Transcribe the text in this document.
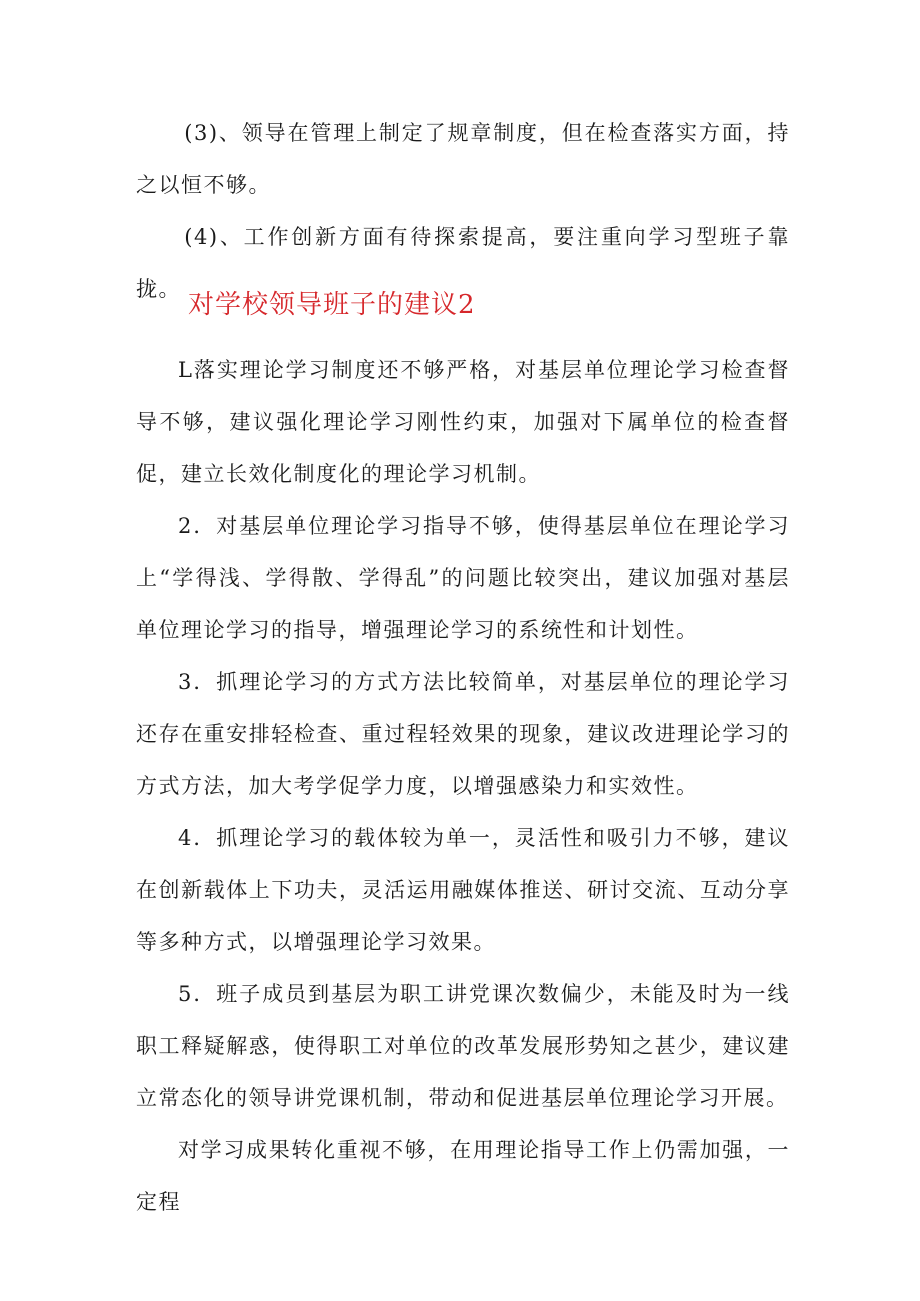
(3)、领导在管理上制定了规章制度，但在检查落实方面，持之以恒不够。

(4)、工作创新方面有待探索提高，要注重向学习型班子靠拢。

对学校领导班子的建议2

L落实理论学习制度还不够严格，对基层单位理论学习检查督导不够，建议强化理论学习刚性约束，加强对下属单位的检查督促，建立长效化制度化的理论学习机制。

2．对基层单位理论学习指导不够，使得基层单位在理论学习上“学得浅、学得散、学得乱”的问题比较突出，建议加强对基层单位理论学习的指导，增强理论学习的系统性和计划性。

3．抓理论学习的方式方法比较简单，对基层单位的理论学习还存在重安排轻检查、重过程轻效果的现象，建议改进理论学习的方式方法，加大考学促学力度，以增强感染力和实效性。

4．抓理论学习的载体较为单一，灵活性和吸引力不够，建议在创新载体上下功夫，灵活运用融媒体推送、研讨交流、互动分享等多种方式，以增强理论学习效果。

5．班子成员到基层为职工讲党课次数偏少，未能及时为一线职工释疑解惑，使得职工对单位的改革发展形势知之甚少，建议建立常态化的领导讲党课机制，带动和促进基层单位理论学习开展。

对学习成果转化重视不够，在用理论指导工作上仍需加强，一定程
